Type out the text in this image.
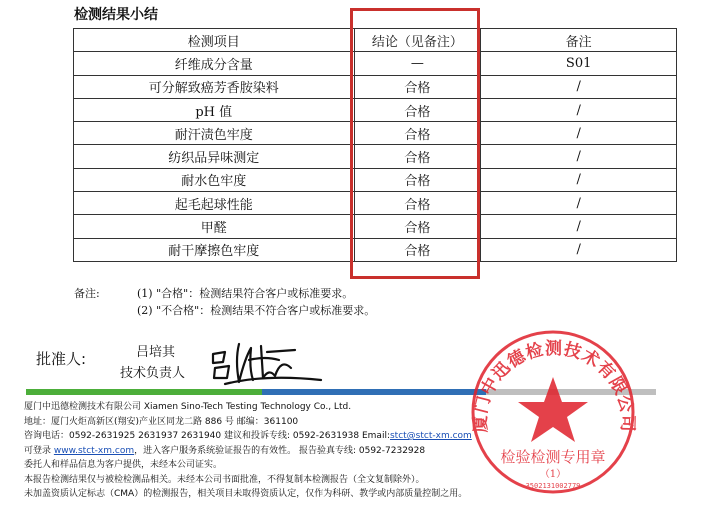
检测结果小结
检测项目	结论（见备注）	备注
纤维成分含量	—	S01
可分解致癌芳香胺染料	合格	/
pH 值	合格	/
耐汗渍色牢度	合格	/
纺织品异味测定	合格	/
耐水色牢度	合格	/
起毛起球性能	合格	/
甲醛	合格	/
耐干摩擦色牢度	合格	/
备注:	(1) "合格"：检测结果符合客户或标准要求。
(2) "不合格"：检测结果不符合客户或标准要求。
批准人:	吕培其
技术负责人
厦门中迅德检测技术有限公司 Xiamen Sino-Tech Testing Technology Co., Ltd.
地址：厦门火炬高新区(翔安)产业区同龙二路 886 号 邮编：361100
咨询电话：0592-2631925 2631937 2631940 建议和投诉专线: 0592-2631938 Email:stct@stct-xm.com
可登录 www.stct-xm.com，进入客户服务系统验证报告的有效性。 报告验真专线: 0592-7232928
委托人和样品信息为客户提供，未经本公司证实。
本报告检测结果仅与被检检测品相关。未经本公司书面批准，不得复制本检测报告（全文复制除外）。
未加盖资质认定标志（CMA）的检测报告，相关项目未取得资质认定，仅作为科研、教学或内部质量控制之用。
厦门中迅德检测技术有限公司
检验检测专用章
（1）
3502131002779
